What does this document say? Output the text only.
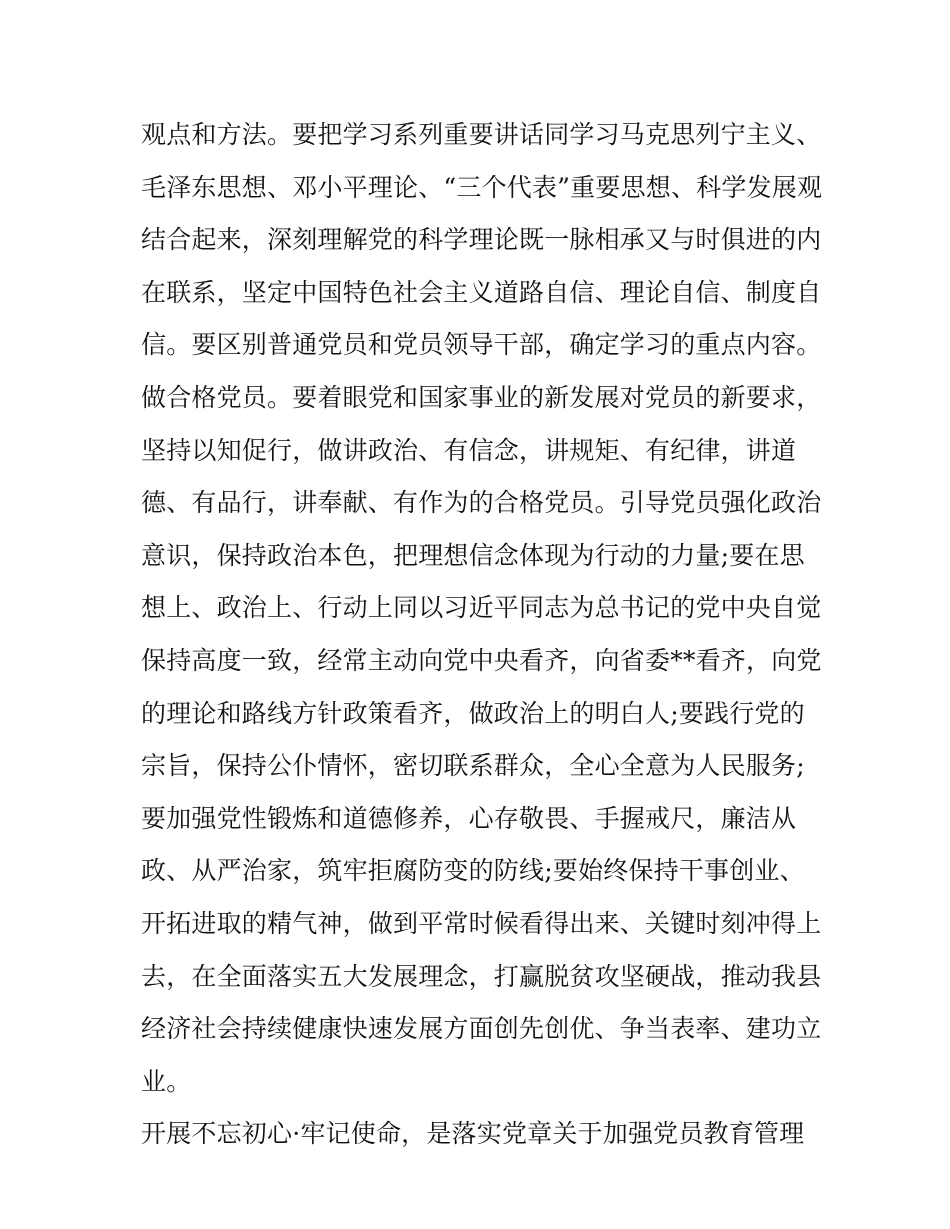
观点和方法。要把学习系列重要讲话同学习马克思列宁主义、
毛泽东思想、邓小平理论、“三个代表”重要思想、科学发展观
结合起来，深刻理解党的科学理论既一脉相承又与时俱进的内
在联系，坚定中国特色社会主义道路自信、理论自信、制度自
信。要区别普通党员和党员领导干部，确定学习的重点内容。
做合格党员。要着眼党和国家事业的新发展对党员的新要求，
坚持以知促行，做讲政治、有信念，讲规矩、有纪律，讲道
德、有品行，讲奉献、有作为的合格党员。引导党员强化政治
意识，保持政治本色，把理想信念体现为行动的力量;要在思
想上、政治上、行动上同以习近平同志为总书记的党中央自觉
保持高度一致，经常主动向党中央看齐，向省委**看齐，向党
的理论和路线方针政策看齐，做政治上的明白人;要践行党的
宗旨，保持公仆情怀，密切联系群众，全心全意为人民服务;
要加强党性锻炼和道德修养，心存敬畏、手握戒尺，廉洁从
政、从严治家，筑牢拒腐防变的防线;要始终保持干事创业、
开拓进取的精气神，做到平常时候看得出来、关键时刻冲得上
去，在全面落实五大发展理念，打赢脱贫攻坚硬战，推动我县
经济社会持续健康快速发展方面创先创优、争当表率、建功立
业。
开展不忘初心·牢记使命，是落实党章关于加强党员教育管理
